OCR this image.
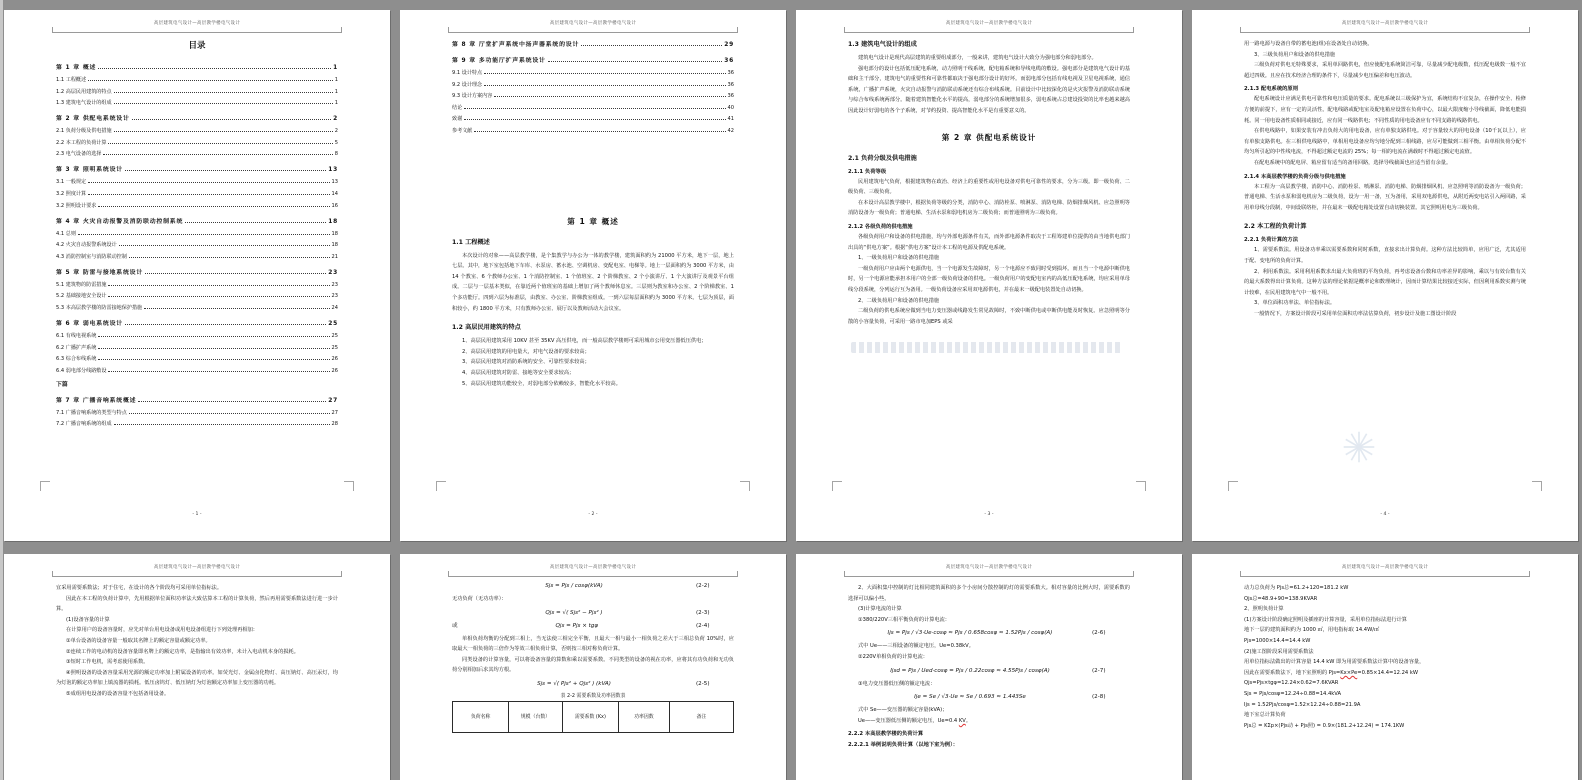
高层建筑电气设计—高层教学楼电气设计
目录
第 1 章 概述	1
1.1 工程概述	1
1.2 高层民用建筑的特点	1
1.3 建筑电气设计的组成	1
第 2 章 供配电系统设计	2
2.1 负荷分级及供电措施	2
2.2 本工程的负荷计算	5
2.3 电气设备的选择	8
第 3 章 照明系统设计	13
3.1 一般规定	13
3.2 照度计算	14
3.2 照明设计要求	16
第 4 章 火灾自动报警及消防联动控制系统	18
4.1 总则	18
4.2 火灾自动报警系统设计	18
4.3 消防控制室与消防联动控制	21
第 5 章 防雷与接地系统设计	23
5.1 建筑物的防雷措施	23
5.2 基础接地安全设计	23
5.3 本高层教学楼的防雷接地保护措施	24
第 6 章 弱电系统设计	25
6.1 有线电视系统	25
6.2 广播扩声系统	25
6.3 综合布线系统	26
6.4 弱电部分线路敷设	26
下篇
第 7 章 广播音响系统概述	27
7.1 广播音响系统的类型与特点	27
7.2 广播音响系统的组成	28
- 1 -
高层建筑电气设计—高层教学楼电气设计
第 8 章 厅堂扩声系统中扬声器系统的设计	29
第 9 章 多功能厅扩声系统设计	36
9.1 设计特点	36
9.2 设计理念	36
9.3 设计方案内容	36
结论	40
致谢	41
参考文献	42
第 1 章 概述
1.1 工程概述
本次设计的对象——高层教学楼，是个集教学与办公为一体的教学楼，建筑面积约为 21000 平方米，地下一层，地上七层。其中，地下室包括地下车库、水泵房、蓄水池、空调机房、变配电室、电梯等。地上一层面积约为 3000 平方米，由 14 个教室、6 个教师办公室、1 个消防控制室、1 个值班室、2 个阶梯教室、2 个小演讲厅、1 个大演讲厅及观景平台组成。二层与一层基本类似，在靠近两个值班室的基础上增加了两个教师休息室。三层则为教室和办公室、2 个阶梯教室、1 个多功能厅。四到六层为标准层，由教室、办公室、阶梯教室组成。一到六层每层面积约为 3000 平方米。七层为顶层，面积较小，约 1800 平方米，只有教师办公室、展厅以及教师活动大会议室。
1.2 高层民用建筑的特点
1、高层民用建筑采用 10KV 甚至 35KV 高压供电，而一般高层教学楼则可采用城市公用变压器低压供电；
2、高层民用建筑的用电量大，对电气设备的要求较高；
3、高层民用建筑对消防系统的安全、可靠性要求较高；
4、高层民用建筑对防雷、接地等安全要求较高；
5、高层民用建筑功能较全，对弱电部分依赖较多，智能化水平较高。
- 2 -
高层建筑电气设计—高层教学楼电气设计
1.3 建筑电气设计的组成
建筑电气设计是现代高层建筑的重要组成部分，一般来讲，建筑电气设计大致分为强电部分和弱电部分。
强电部分的设计包括低压配电系统，动力照明干线系统，配电箱系统和导线电缆的敷设。强电部分是建筑电气设计的基础和主干部分，建筑电气的重要性和可靠性都取决于强电部分设计的好坏。而弱电部分包括有线电视及卫星电视系统，通信系统，广播扩声系统，火灾自动报警与消防联动系统还有综合布线系统。目前设计中比较深化的是火灾报警及消防联动系统与综合布线系统两部分。随着建筑智能化水平的提高，弱电部分的系统增加很多，弱电系统占总建设投资的比率也越来越高 因此设计好弱电的各个子系统，对节约投资、提高智能化水平是有重要意义的。
第 2 章 供配电系统设计
2.1 负荷分级及供电措施
2.1.1 负荷等级
民用建筑电气负荷，根据建筑物在政治、经济上的重要性或用电设备对供电可靠性的要求，分为三级。即一级负荷、二级负荷、三级负荷。
在本设计高层教学楼中，根据负荷等级的分类，消防中心、消防栓泵、喷淋泵、消防电梯、防烟排烟风机、应急照明等消防设备为一级负荷；普通电梯、生活水泵和弱电机房为二级负荷；而普通照明为三级负荷。
2.1.2 各级负荷的供电措施
各级负荷用户和设备的供电措施，均与外部电源条件有关，而外部电源条件取决于工程筹建单位提供的由当地供电部门出具的“供电方案”。根据“供电方案”设计本工程的电源及供配电系统。
1、一级负荷用户和设备的供电措施
一级负荷用户应由两个电源供电，当一个电源发生故障时，另一个电源应不致同时受到损坏。而且当一个电源中断供电时，另一个电源应能承担本用户的全部一级负荷设备的供电。一级负荷用户的变配电室内的高低压配电系统，均应采用单母线分段系统，分列运行互为备用。一级负荷设备应采用双电源供电，并在最末一级配电装置处自动切换。
2、二级负荷用户和设备的供电措施
二级负荷的供电系统应做到当电力变压器或线路发生常见故障时，不致中断供电或中断供电能及时恢复。应急照明等分散的小容量负荷，可采用一路市电加EPS 或采
- 3 -
高层建筑电气设计—高层教学楼电气设计
用一路电源与设备自带的蓄电池(组)在设备处自动切换。
3、三级负荷用户和设备的供电措施
三级负荷对供电无特殊要求，采用单回路供电，但应使配电系统简洁可靠，尽量减少配电级数，低压配电级数一般不宜超过四级。且应在技术经济合理的条件下，尽量减少电压偏差和电压波动。
2.1.3 配电系统的原则
配电系统设计应满足供电可靠性和电压质量的要求。配电系统以三级保护为宜，系统结构不宜复杂，在操作安全、检修方便的前提下，应有一定的灵活性。配电线路或配电室及配电箱应设置在负荷中心，以最大限度缩小导线截面，降低电能损耗。同一用电设备性质相同或接近，应有同一线路供电；不同性质的用电设备应有不同支路的线路供电。
在供电线路中，如果安装有冲击负荷大的用电设备，应有单独支路供电。对于容量较大的用电设备（10千瓦以上），应有单独支路供电。在三相供电线路中，单相用电设备应均匀地分配到三相线路，应尽可能做到三相平衡。由单相负荷分配不均匀所引起的中性线电流，不得超过额定电流的 25%；每一相的电流在满载时不得超过额定电流值。
在配电系统中的配电屏、箱应留有适当的备用回路，选择导线截面也应适当留有余量。
2.1.4 本高层教学楼的负荷分级与供电措施
本工程为一高层教学楼，消防中心、消防栓泵、喷淋泵、消防电梯、防烟排烟风机、应急照明等消防设备为一级负荷；普通电梯、生活水泵和弱电机房为二级负荷，设为一用一备，互为备用，采用双电源供电，从附近两变电站引入两回路，采用单母线分段制，中间设联络柜，并在最末一级配电箱处设置自动切换装置。其它照明用电为三级负荷。
2.2 本工程的负荷计算
2.2.1 负荷计算的方法
1、需要系数法。用设备功率乘以需要系数和同时系数，直接求出计算负荷。这种方法比较简单，应用广泛，尤其适用于配、变电所的负荷计算。
2、利用系数法。采用利用系数求出最大负荷班的平均负荷，再考虑设备台数和功率差异的影响，乘以与有效台数有关的最大系数得出计算负荷。这种方法的理论依据是概率论和数理统计，因而计算结果比较接近实际，但因利用系数实测与统计较难，在民用建筑电气中一般不用。
3、单位面积功率法、单位指标法。
一般情况下，方案设计阶段可采用单位面积功率法估算负荷，初步设计及施工图设计阶段
- 4 -
高层建筑电气设计—高层教学楼电气设计
宜采用需要系数法；对于住宅，在设计的各个阶段均可采用单位指标法。
因此在本工程的负荷计算中，先用根据单位面积功率法大致估算本工程的计算负荷，然后再用需要系数法进行进一步计算。
(1)设备容量的计算
在计算用户的设备容量时，应先对单台用电设备或用电设备组进行下列处理再相加：
①单台设备的设备容量一般取其名牌上的额定容量或额定功率。
②连续工作的电动机的设备容量即名牌上的额定功率，是指输出有效功率，未计入电动机本身的损耗。
③短时工作电机，需考虑使用系数。
④照明设备的设备容量采用光源的额定功率加上附属设备的功率。如荧光灯、金属卤化物灯、高压钠灯、高压汞灯，均为灯泡的额定功率加上镇流器的损耗。低压卤钨灯、低压钠灯为灯泡额定功率加上变压器的功耗。
⑤成组用电设备的设备容量不包括备用设备。
高层建筑电气设计—高层教学楼电气设计
Sjs = Pjs / cosφ(kVA)	(2-2)
无功负荷（无功功率）：
Qjs = √( Sjs² − Pjs² )	(2-3)
或	Qjs = Pjs × tgφ	(2-4)
单相负荷均衡的分配到三相上，当无法使三相完全平衡，且最大一相与最小一相负荷之差大于三相总负荷 10%时，应取最大一相负荷的三倍作为等效三相负荷计算，否则按三相对称负荷计算。
同类设备的计算容量，可以将设备容量的算数和乘以需要系数。不同类型的设备的视在功率，应将其有功负荷和无功负荷分别相加后求其均方根。
Sjs = √( Pjs² + Qjs² ) (kVA)	(2-5)
表 2-2 需要系数及功率因数表
负荷名称	规模（台数）	需要系数 (Kx)	功率因数	备注
高层建筑电气设计—高层教学楼电气设计
2、大面积集中控制的灯比相同建筑面积的多个小房间分散控制的灯的需要系数大。相对容量的比例大时，需要系数的选择可以偏小些。
(3)计算电流的计算
①380/220V三相平衡负荷的计算电流：
Ijs = Pjs / √3·Ue·cosφ ≈ Pjs / 0.658cosφ ≈ 1.52Pjs / cosφ(A)	(2-6)
式中 Ue——三相设备的额定电压，Ue=0.38kV。
②220V单相负荷的计算电流：
Ijsd = Pjs / Ued·cosφ = Pjs / 0.22cosφ ≈ 4.55Pjs / cosφ(A)	(2-7)
③电力变压器低压侧的额定电流：
Ije = Se / √3·Ue ≈ Se / 0.693 ≈ 1.443Se	(2-8)
式中 Se——变压器的额定容量(kVA)；
Ue——变压器低压侧的额定电压，Ue=0.4 KV。
2.2.2 本高层教学楼的负荷计算
2.2.2.1 举例说明负荷计算（以地下室为例）：
高层建筑电气设计—高层教学楼电气设计
动力总负荷为 Pjs总=61.2+120=181.2 kW
Qjs总=48.9+90=138.9KVAR
2、照明负荷计算
(1)方案设计阶段确定照明及插座的计算容量，采用单位指标法进行计算
地下一层的建筑面积约为 1000 ㎡，用电指标取 14.4W/㎡
Pjs=1000×14.4=14.4 kW
(2)施工图阶段采用需要系数法
用单位指标法做出的计算容量 14.4 kW 即为用需要系数法计算中的设备容量，
因此在需要系数法下，地下室照明的 Pjs=Kx×Pe=0.85×14.4=12.24 kW
Qjs=Pjs×tgφ=12.24×0.62=7.6KVAR
Sjs = Pjs/cosφ=12.24÷0.88=14.4kVA
Ijs = 1.52Pjs/cosφ=1.52×12.24÷0.88=21.9A
地下室总计算负荷
Pjs总 = KΣp×(Pjs动 + Pjs照) = 0.9×(181.2+12.24) = 174.1KW
